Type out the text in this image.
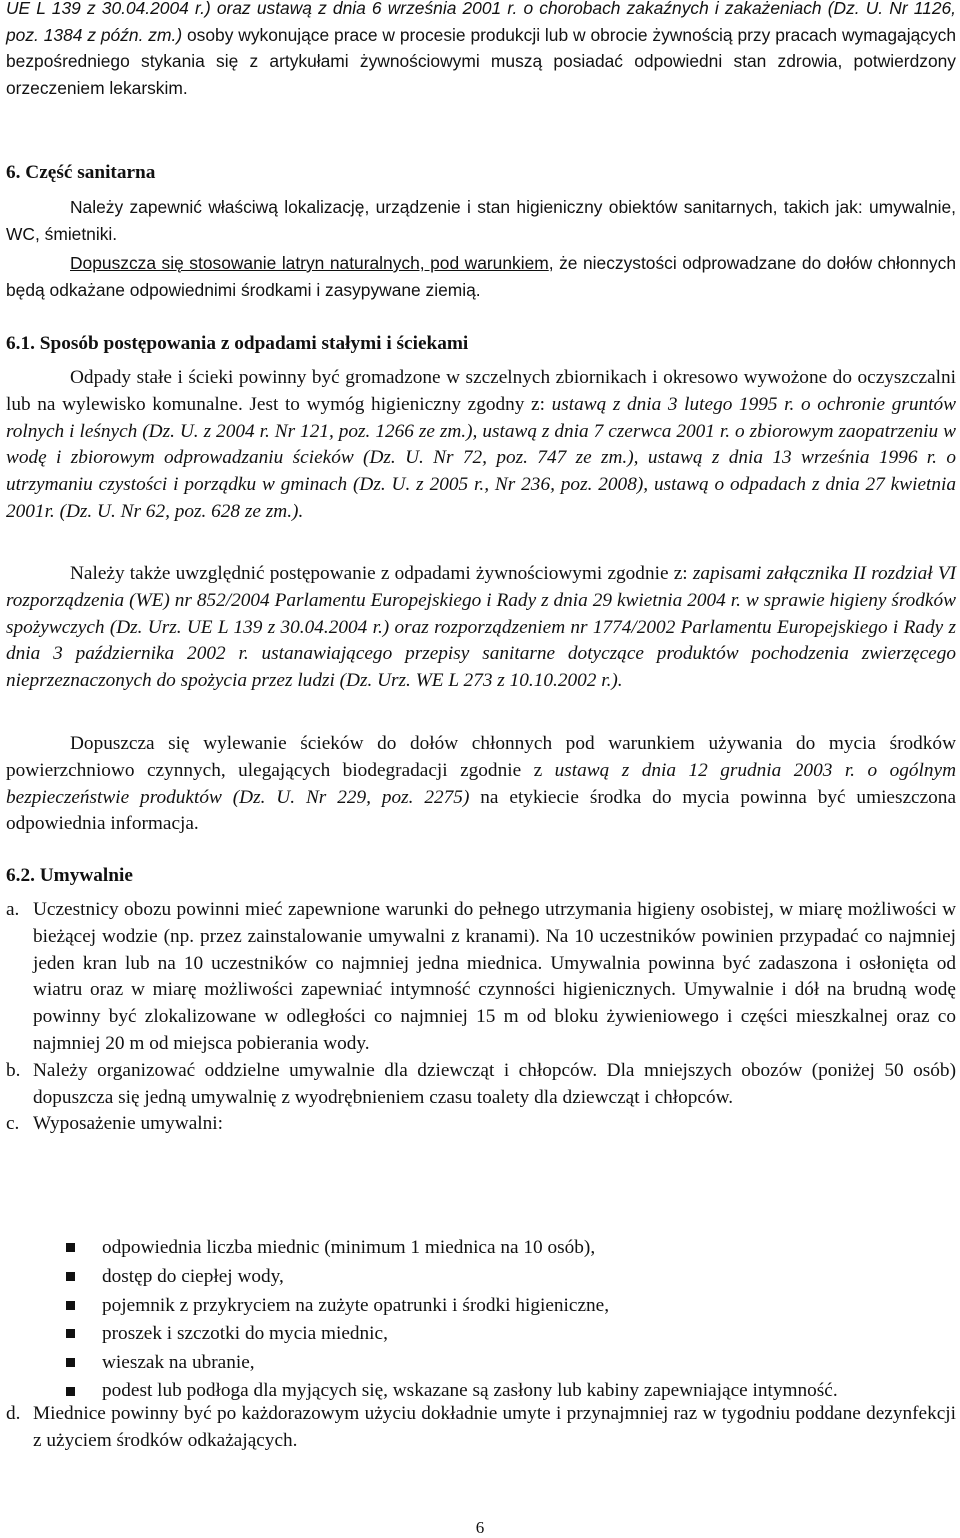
UE L 139 z 30.04.2004 r.) oraz ustawą z dnia 6 września 2001 r. o chorobach zakaźnych i zakażeniach (Dz. U. Nr 1126, poz. 1384 z późn. zm.) osoby wykonujące prace w procesie produkcji lub w obrocie żywnością przy pracach wymagających bezpośredniego stykania się z artykułami żywnościowymi muszą posiadać odpowiedni stan zdrowia, potwierdzony orzeczeniem lekarskim.

6. Część sanitarna

Należy zapewnić właściwą lokalizację, urządzenie i stan higieniczny obiektów sanitarnych, takich jak: umywalnie, WC, śmietniki.

Dopuszcza się stosowanie latryn naturalnych, pod warunkiem, że nieczystości odprowadzane do dołów chłonnych będą odkażane odpowiednimi środkami i zasypywane ziemią.

6.1. Sposób postępowania z odpadami stałymi i ściekami

Odpady stałe i ścieki powinny być gromadzone w szczelnych zbiornikach i okresowo wywożone do oczyszczalni lub na wylewisko komunalne. Jest to wymóg higieniczny zgodny z: ustawą z dnia 3 lutego 1995 r. o ochronie gruntów rolnych i leśnych (Dz. U. z 2004 r. Nr 121, poz. 1266 ze zm.), ustawą z dnia 7 czerwca 2001 r. o zbiorowym zaopatrzeniu w wodę i zbiorowym odprowadzaniu ścieków (Dz. U. Nr 72, poz. 747 ze zm.), ustawą z dnia 13 września 1996 r. o utrzymaniu czystości i porządku w gminach (Dz. U. z 2005 r., Nr 236, poz. 2008), ustawą o odpadach z dnia 27 kwietnia 2001r. (Dz. U. Nr 62, poz. 628 ze zm.).

Należy także uwzględnić postępowanie z odpadami żywnościowymi zgodnie z: zapisami załącznika II rozdział VI rozporządzenia (WE) nr 852/2004 Parlamentu Europejskiego i Rady z dnia 29 kwietnia 2004 r. w sprawie higieny środków spożywczych (Dz. Urz. UE L 139 z 30.04.2004 r.) oraz rozporządzeniem nr 1774/2002 Parlamentu Europejskiego i Rady z dnia 3 października 2002 r. ustanawiającego przepisy sanitarne dotyczące produktów pochodzenia zwierzęcego nieprzeznaczonych do spożycia przez ludzi (Dz. Urz. WE L 273 z 10.10.2002 r.).

Dopuszcza się wylewanie ścieków do dołów chłonnych pod warunkiem używania do mycia środków powierzchniowo czynnych, ulegających biodegradacji zgodnie z ustawą z dnia 12 grudnia 2003 r. o ogólnym bezpieczeństwie produktów (Dz. U. Nr 229, poz. 2275) na etykiecie środka do mycia powinna być umieszczona odpowiednia informacja.

6.2. Umywalnie
a. Uczestnicy obozu powinni mieć zapewnione warunki do pełnego utrzymania higieny osobistej, w miarę możliwości w bieżącej wodzie (np. przez zainstalowanie umywalni z kranami). Na 10 uczestników powinien przypadać co najmniej jeden kran lub na 10 uczestników co najmniej jedna miednica. Umywalnia powinna być zadaszona i osłonięta od wiatru oraz w miarę możliwości zapewniać intymność czynności higienicznych. Umywalnie i dół na brudną wodę powinny być zlokalizowane w odległości co najmniej 15 m od bloku żywieniowego i części mieszkalnej oraz co najmniej 20 m od miejsca pobierania wody.
b. Należy organizować oddzielne umywalnie dla dziewcząt i chłopców. Dla mniejszych obozów (poniżej 50 osób) dopuszcza się jedną umywalnię z wyodrębnieniem czasu toalety dla dziewcząt i chłopców.
c. Wyposażenie umywalni:
odpowiednia liczba miednic (minimum 1 miednica na 10 osób),
dostęp do ciepłej wody,
pojemnik z przykryciem na zużyte opatrunki i środki higieniczne,
proszek i szczotki do mycia miednic,
wieszak na ubranie,
podest lub podłoga dla myjących się, wskazane są zasłony lub kabiny zapewniające intymność.
d. Miednice powinny być po każdorazowym użyciu dokładnie umyte i przynajmniej raz w tygodniu poddane dezynfekcji z użyciem środków odkażających.
6
